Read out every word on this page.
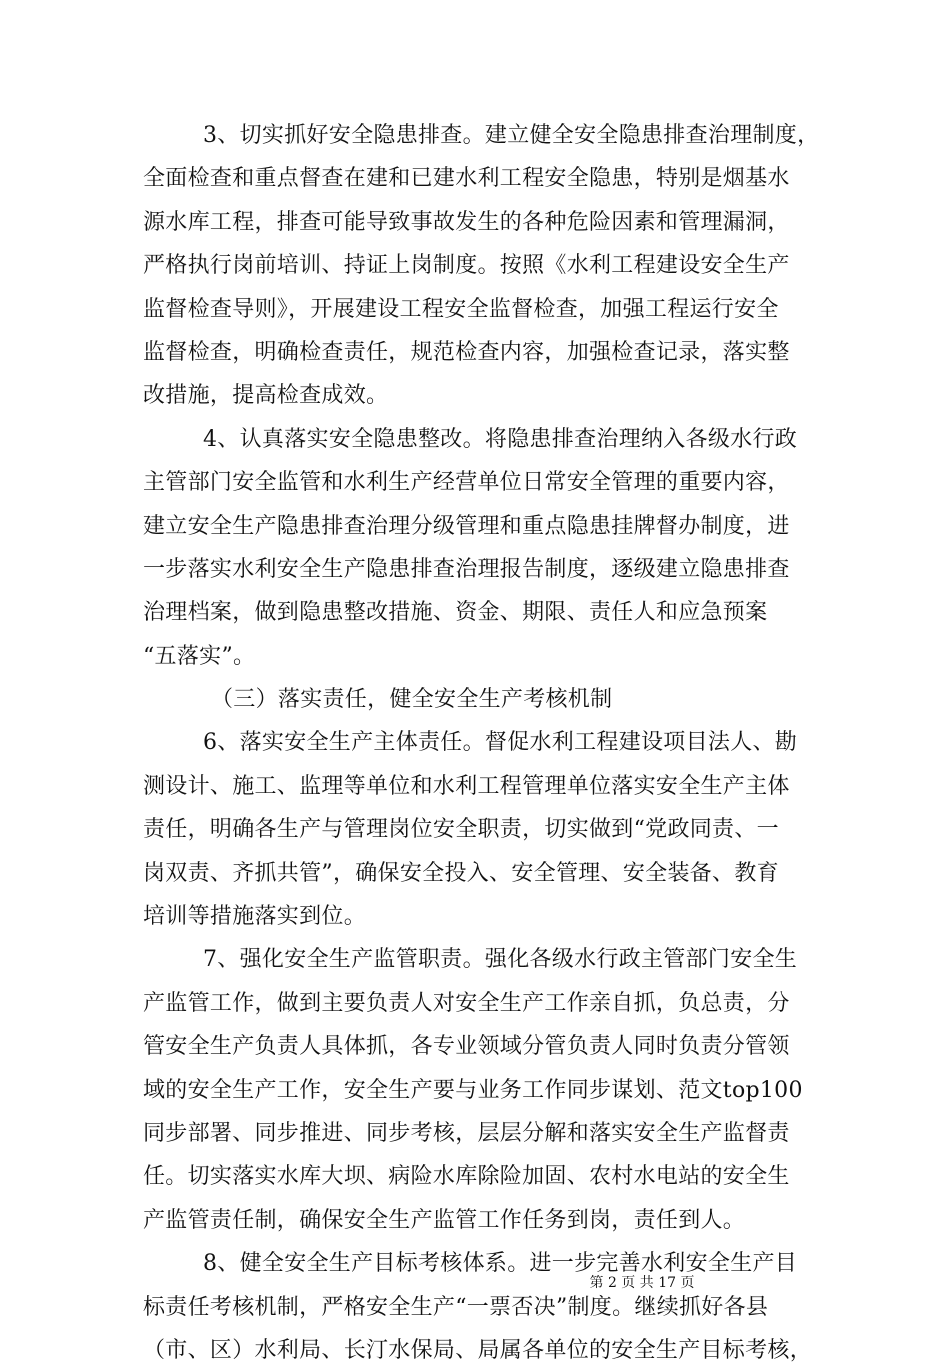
3、切实抓好安全隐患排查。建立健全安全隐患排查治理制度，
全面检查和重点督查在建和已建水利工程安全隐患，特别是烟基水
源水库工程，排查可能导致事故发生的各种危险因素和管理漏洞，
严格执行岗前培训、持证上岗制度。按照《水利工程建设安全生产
监督检查导则》，开展建设工程安全监督检查，加强工程运行安全
监督检查，明确检查责任，规范检查内容，加强检查记录，落实整
改措施，提高检查成效。
4、认真落实安全隐患整改。将隐患排查治理纳入各级水行政
主管部门安全监管和水利生产经营单位日常安全管理的重要内容，
建立安全生产隐患排查治理分级管理和重点隐患挂牌督办制度，进
一步落实水利安全生产隐患排查治理报告制度，逐级建立隐患排查
治理档案，做到隐患整改措施、资金、期限、责任人和应急预案
“五落实”。
（三）落实责任，健全安全生产考核机制
6、落实安全生产主体责任。督促水利工程建设项目法人、勘
测设计、施工、监理等单位和水利工程管理单位落实安全生产主体
责任，明确各生产与管理岗位安全职责，切实做到“党政同责、一
岗双责、齐抓共管”，确保安全投入、安全管理、安全装备、教育
培训等措施落实到位。
7、强化安全生产监管职责。强化各级水行政主管部门安全生
产监管工作，做到主要负责人对安全生产工作亲自抓，负总责，分
管安全生产负责人具体抓，各专业领域分管负责人同时负责分管领
域的安全生产工作，安全生产要与业务工作同步谋划、范文top100
同步部署、同步推进、同步考核，层层分解和落实安全生产监督责
任。切实落实水库大坝、病险水库除险加固、农村水电站的安全生
产监管责任制，确保安全生产监管工作任务到岗，责任到人。
8、健全安全生产目标考核体系。进一步完善水利安全生产目
标责任考核机制，严格安全生产“一票否决”制度。继续抓好各县
（市、区）水利局、长汀水保局、局属各单位的安全生产目标考核，
第 2 页 共 17 页
